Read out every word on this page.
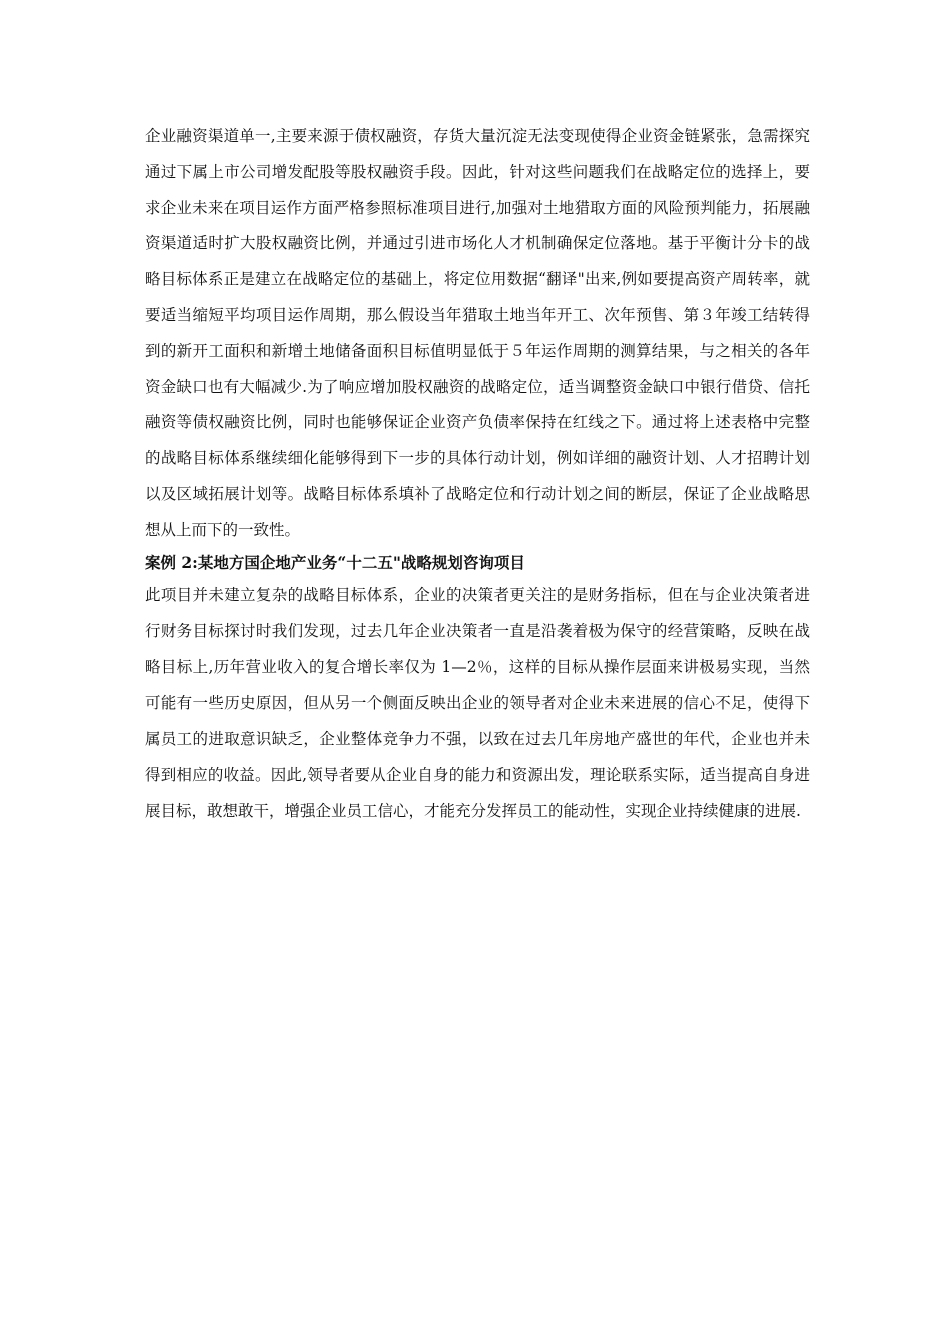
企业融资渠道单一,主要来源于债权融资，存货大量沉淀无法变现使得企业资金链紧张，急需探究通过下属上市公司增发配股等股权融资手段。因此，针对这些问题我们在战略定位的选择上，要求企业未来在项目运作方面严格参照标准项目进行,加强对土地猎取方面的风险预判能力，拓展融资渠道适时扩大股权融资比例，并通过引进市场化人才机制确保定位落地。基于平衡计分卡的战略目标体系正是建立在战略定位的基础上，将定位用数据“翻译"出来,例如要提高资产周转率，就要适当缩短平均项目运作周期，那么假设当年猎取土地当年开工、次年预售、第３年竣工结转得到的新开工面积和新增土地储备面积目标值明显低于５年运作周期的测算结果，与之相关的各年资金缺口也有大幅减少.为了响应增加股权融资的战略定位，适当调整资金缺口中银行借贷、信托融资等债权融资比例，同时也能够保证企业资产负债率保持在红线之下。通过将上述表格中完整的战略目标体系继续细化能够得到下一步的具体行动计划，例如详细的融资计划、人才招聘计划以及区域拓展计划等。战略目标体系填补了战略定位和行动计划之间的断层，保证了企业战略思想从上而下的一致性。

案例 2:某地方国企地产业务“十二五"战略规划咨询项目

此项目并未建立复杂的战略目标体系，企业的决策者更关注的是财务指标，但在与企业决策者进行财务目标探讨时我们发现，过去几年企业决策者一直是沿袭着极为保守的经营策略，反映在战略目标上,历年营业收入的复合增长率仅为 1—2％，这样的目标从操作层面来讲极易实现，当然可能有一些历史原因，但从另一个侧面反映出企业的领导者对企业未来进展的信心不足，使得下属员工的进取意识缺乏，企业整体竞争力不强，以致在过去几年房地产盛世的年代，企业也并未得到相应的收益。因此,领导者要从企业自身的能力和资源出发，理论联系实际，适当提高自身进展目标，敢想敢干，增强企业员工信心，才能充分发挥员工的能动性，实现企业持续健康的进展.
